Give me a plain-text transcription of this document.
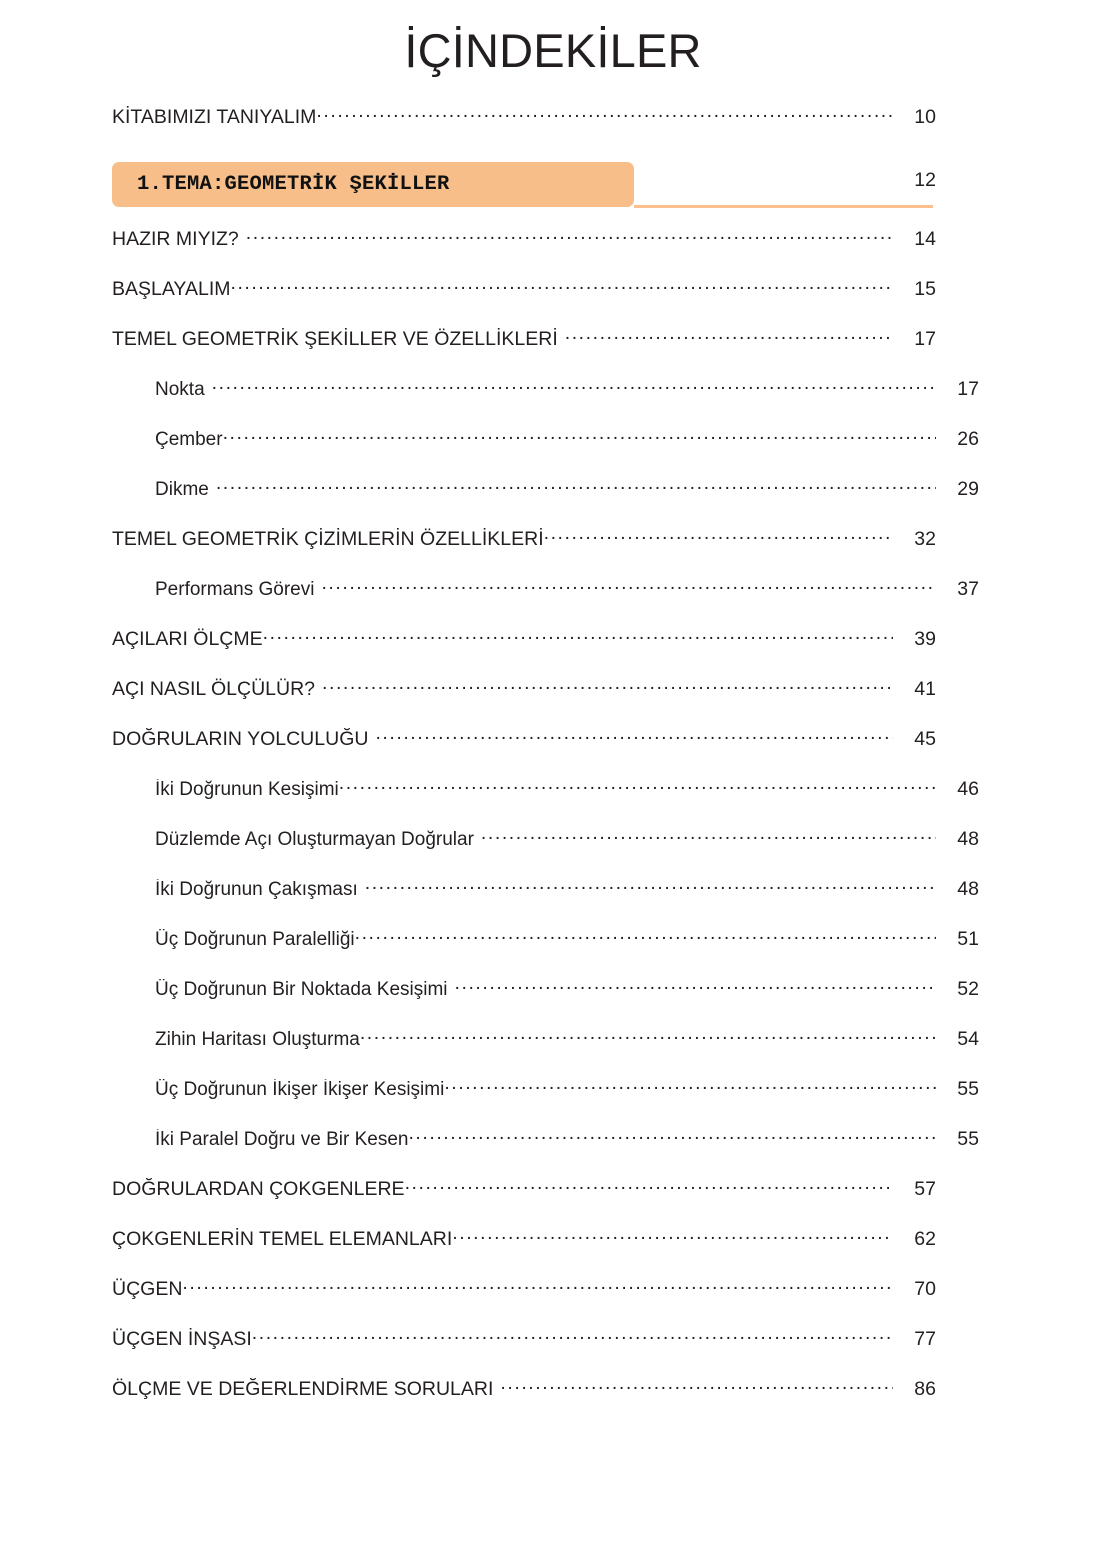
İÇİNDEKİLER
KİTABIMIZI TANIYALIM .....	10
1.TEMA:GEOMETRİK ŞEKİLLER	12
HAZIR MIYIZ? .....	14
BAŞLAYALIM .....	15
TEMEL GEOMETRİK ŞEKİLLER VE ÖZELLİKLERİ .....	17
Nokta .....	17
Çember .....	26
Dikme .....	29
TEMEL GEOMETRİK ÇİZİMLERİN ÖZELLİKLERİ .....	32
Performans Görevi .....	37
AÇILARI ÖLÇME .....	39
AÇI NASIL ÖLÇÜLÜR? .....	41
DOĞRULARIN YOLCULUĞU .....	45
İki Doğrunun Kesişimi .....	46
Düzlemde Açı Oluşturmayan Doğrular .....	48
İki Doğrunun Çakışması .....	48
Üç Doğrunun Paralelliği .....	51
Üç Doğrunun Bir Noktada Kesişimi .....	52
Zihin Haritası Oluşturma .....	54
Üç Doğrunun İkişer İkişer Kesişimi .....	55
İki Paralel Doğru ve Bir Kesen .....	55
DOĞRULARDAN ÇOKGENLERE .....	57
ÇOKGENLERİN TEMEL ELEMANLARI .....	62
ÜÇGEN .....	70
ÜÇGEN İNŞASI .....	77
ÖLÇME VE DEĞERLENDİRME SORULARI .....	86
